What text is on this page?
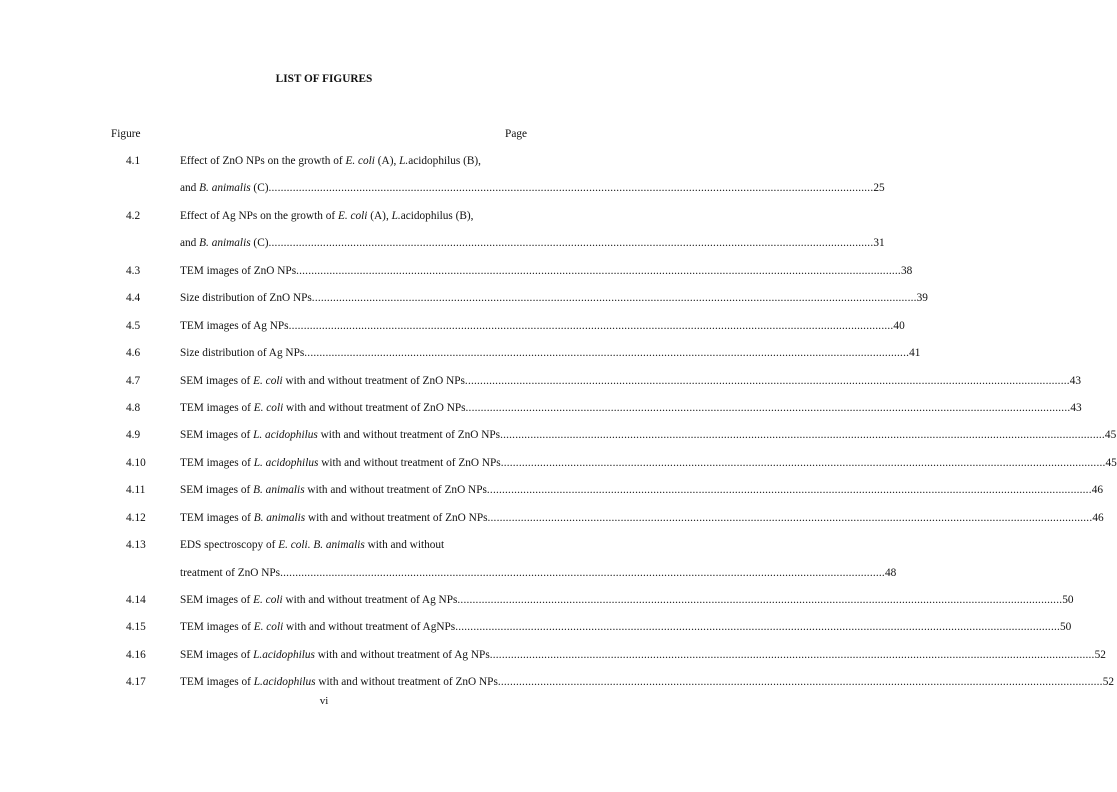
LIST OF FIGURES
Figure	Page
4.1	Effect of ZnO NPs on the growth of E. coli (A), L.acidophilus (B),
and B. animalis (C) ........................................................................................................................................................................................................ 25
4.2	Effect of Ag NPs on the growth of E. coli (A), L.acidophilus (B),
and B. animalis (C) ........................................................................................................................................................................................................ 31
4.3	TEM images of ZnO NPs ........................................................................................................................................................................................................ 38
4.4	Size distribution of ZnO NPs ........................................................................................................................................................................................................ 39
4.5	TEM images of Ag NPs ........................................................................................................................................................................................................ 40
4.6	Size distribution of Ag NPs ........................................................................................................................................................................................................ 41
4.7	SEM images of E. coli with and without treatment of ZnO NPs ........................................................................................................................................................................................................ 43
4.8	TEM images of E. coli with and without treatment of ZnO NPs ........................................................................................................................................................................................................ 43
4.9	SEM images of L. acidophilus with and without treatment of ZnO NPs ........................................................................................................................................................................................................ 45
4.10	TEM images of L. acidophilus with and without treatment of ZnO NPs ........................................................................................................................................................................................................ 45
4.11	SEM images of B. animalis with and without treatment of ZnO NPs ........................................................................................................................................................................................................ 46
4.12	TEM images of B. animalis with and without treatment of ZnO NPs ........................................................................................................................................................................................................ 46
4.13	EDS spectroscopy of E. coli. B. animalis with and without
treatment of ZnO NPs ........................................................................................................................................................................................................ 48
4.14	SEM images of E. coli with and without treatment of Ag NPs ........................................................................................................................................................................................................ 50
4.15	TEM images of E. coli with and without treatment of AgNPs ........................................................................................................................................................................................................ 50
4.16	SEM images of L.acidophilus with and without treatment of Ag NPs ........................................................................................................................................................................................................ 52
4.17	TEM images of L.acidophilus with and without treatment of ZnO NPs ........................................................................................................................................................................................................ 52
vi
